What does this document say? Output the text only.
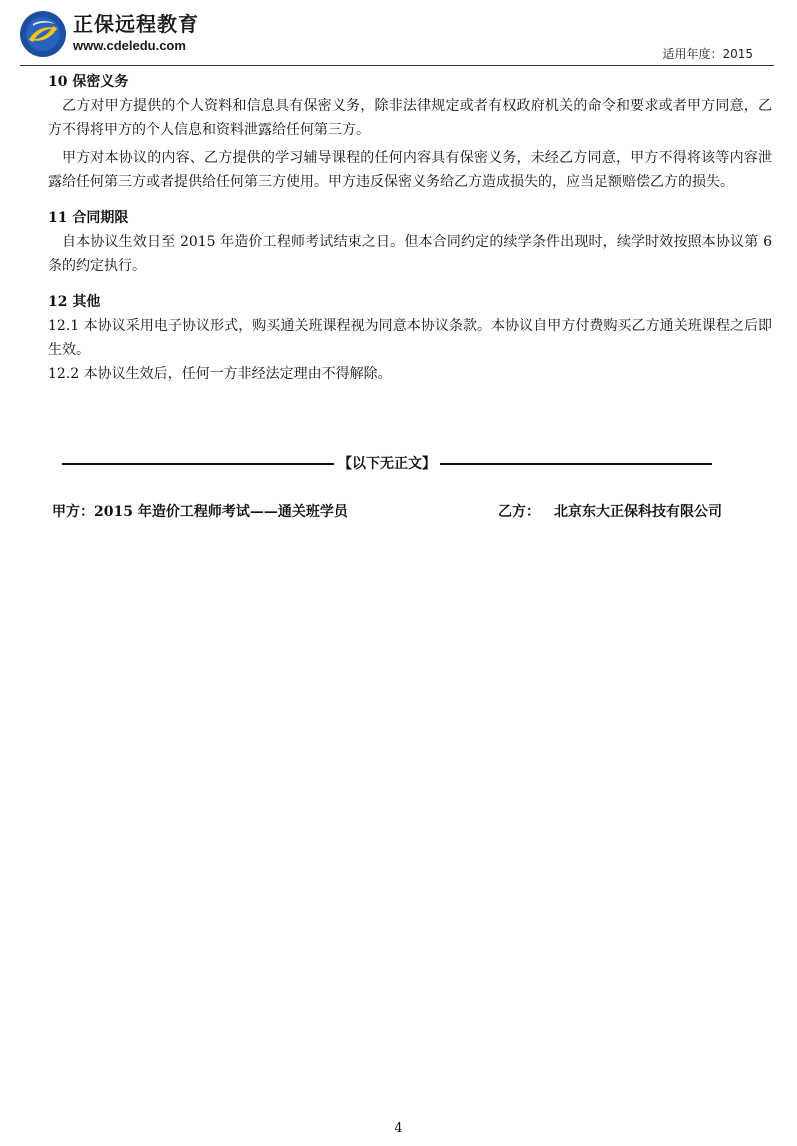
正保远程教育
www.cdeledu.com
适用年度：2015

10 保密义务

乙方对甲方提供的个人资料和信息具有保密义务，除非法律规定或者有权政府机关的命令和要求或者甲方同意，乙方不得将甲方的个人信息和资料泄露给任何第三方。

甲方对本协议的内容、乙方提供的学习辅导课程的任何内容具有保密义务，未经乙方同意，甲方不得将该等内容泄露给任何第三方或者提供给任何第三方使用。甲方违反保密义务给乙方造成损失的，应当足额赔偿乙方的损失。

11 合同期限

自本协议生效日至 2015 年造价工程师考试结束之日。但本合同约定的续学条件出现时，续学时效按照本协议第 6 条的约定执行。

12 其他

12.1 本协议采用电子协议形式，购买通关班课程视为同意本协议条款。本协议自甲方付费购买乙方通关班课程之后即生效。

12.2 本协议生效后，任何一方非经法定理由不得解除。

【以下无正文】
甲方：2015 年造价工程师考试——通关班学员	乙方： 北京东大正保科技有限公司
4
